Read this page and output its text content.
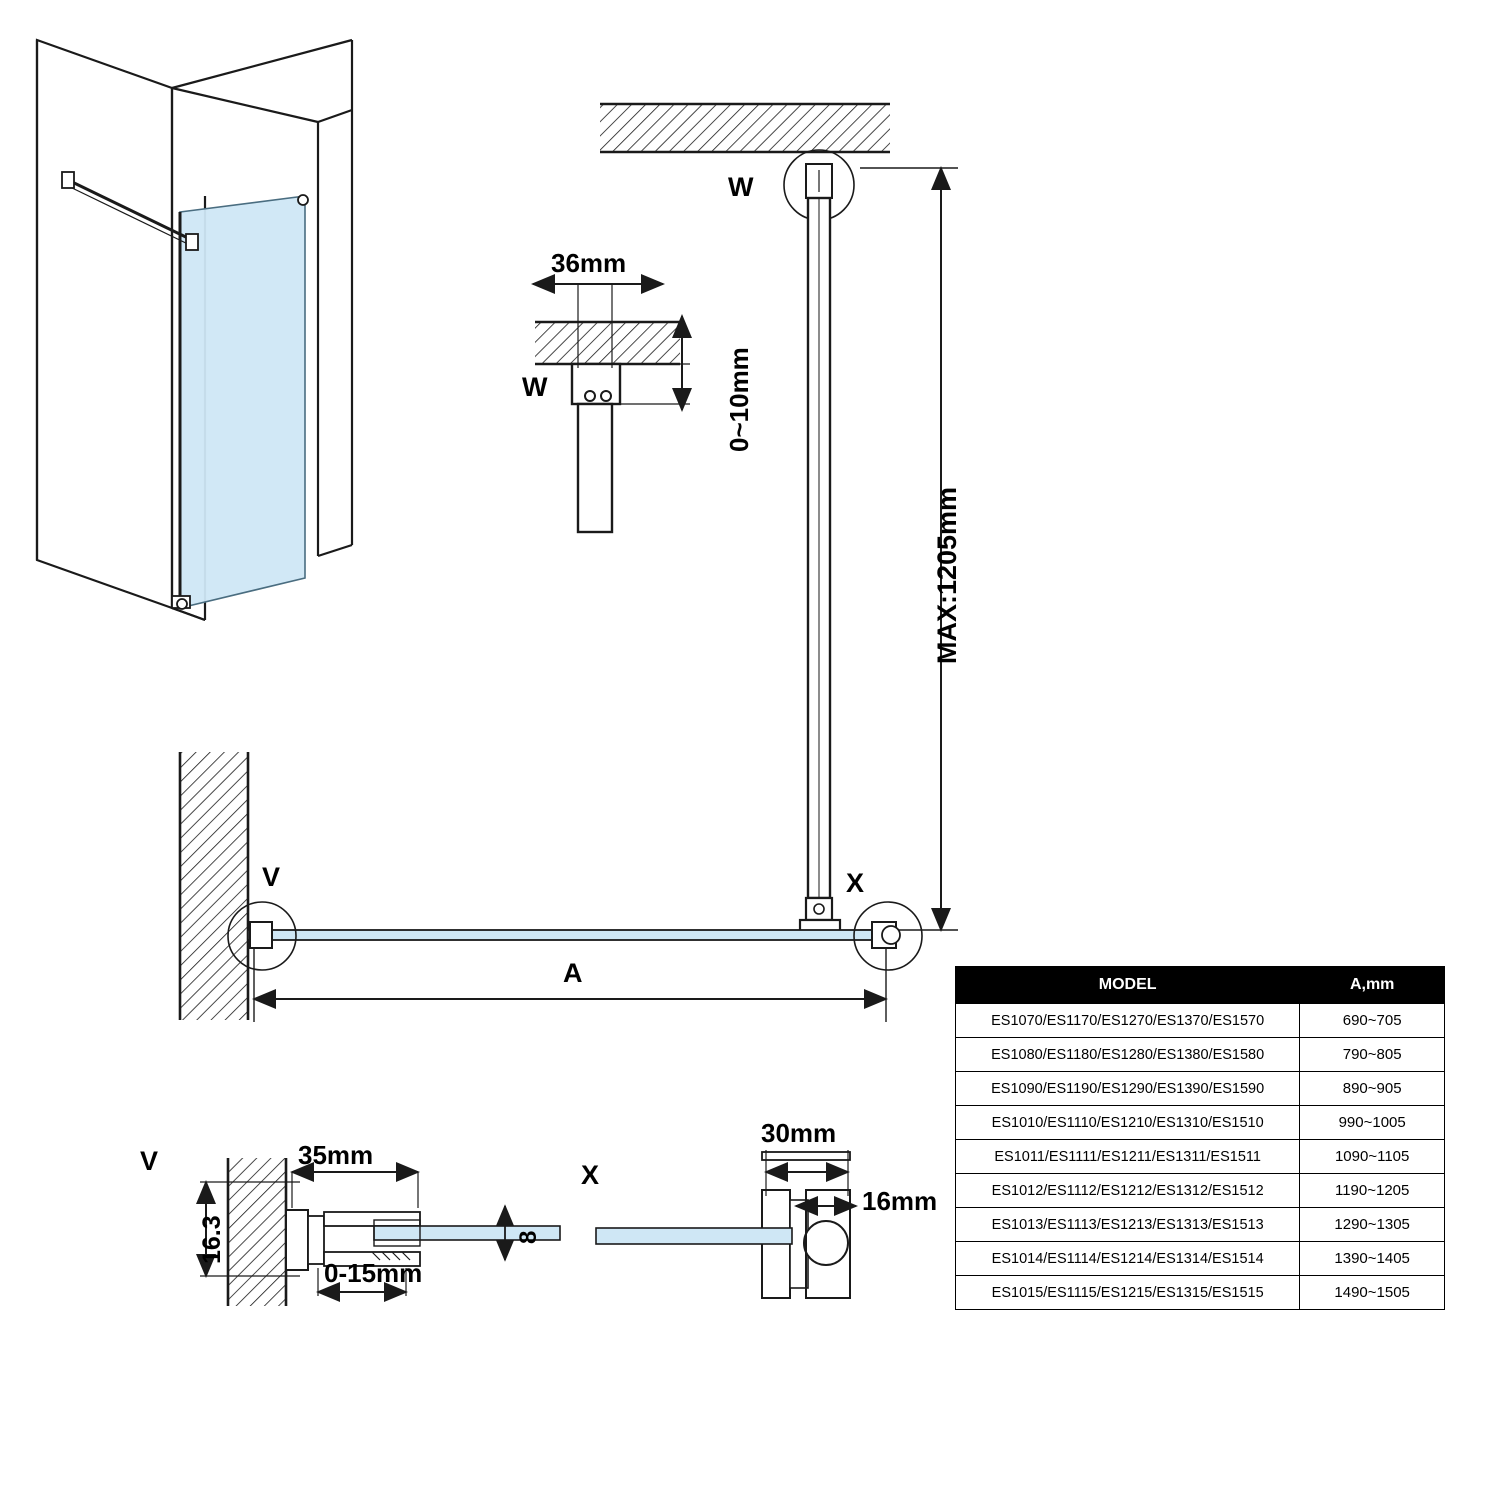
W
W
36mm
0~10mm
MAX:1205mm
V	X
A
V
16.3
35mm
0-15mm
8
X
30mm
16mm
MODEL	A,mm
ES1070/ES1170/ES1270/ES1370/ES1570	690~705
ES1080/ES1180/ES1280/ES1380/ES1580	790~805
ES1090/ES1190/ES1290/ES1390/ES1590	890~905
ES1010/ES1110/ES1210/ES1310/ES1510	990~1005
ES1011/ES1111/ES1211/ES1311/ES1511	1090~1105
ES1012/ES1112/ES1212/ES1312/ES1512	1190~1205
ES1013/ES1113/ES1213/ES1313/ES1513	1290~1305
ES1014/ES1114/ES1214/ES1314/ES1514	1390~1405
ES1015/ES1115/ES1215/ES1315/ES1515	1490~1505
